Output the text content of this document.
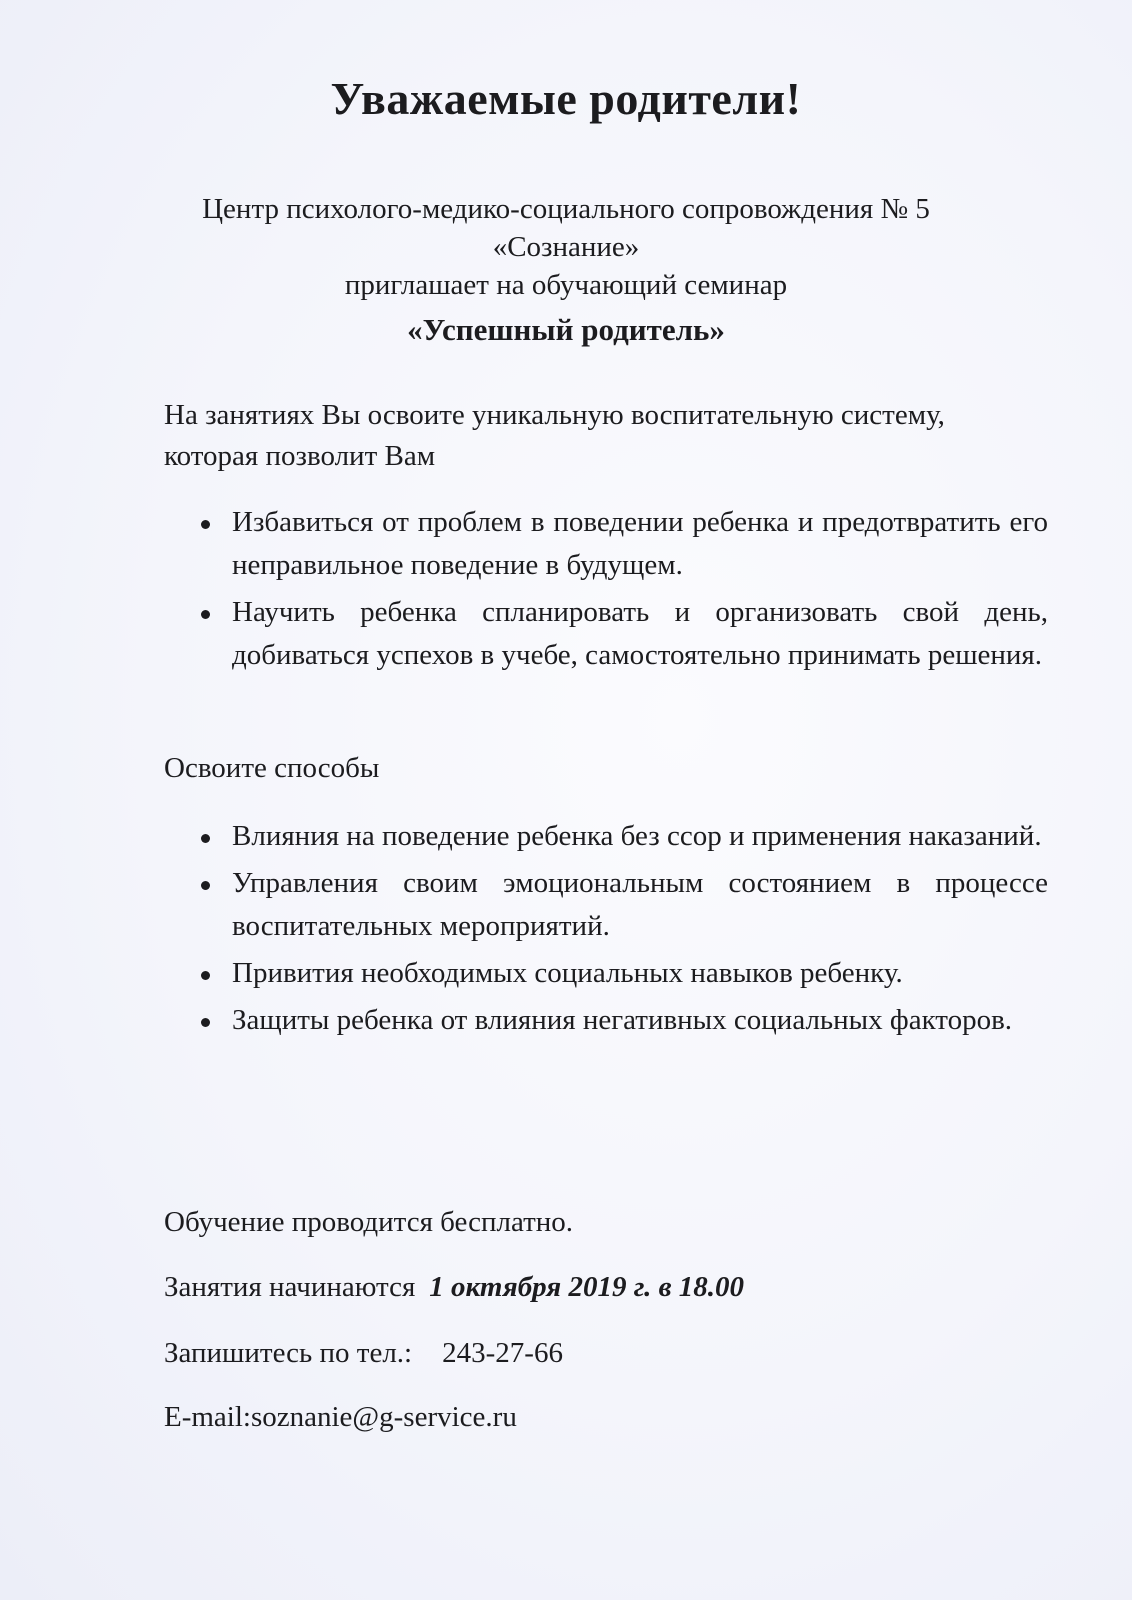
Уважаемые родители!
Центр психолого-медико-социального сопровождения № 5
«Сознание»
приглашает на обучающий семинар
«Успешный родитель»
На занятиях Вы освоите уникальную воспитательную систему, которая позволит Вам
Избавиться от проблем в поведении ребенка и предотвратить его неправильное поведение в будущем.
Научить ребенка спланировать и организовать свой день, добиваться успехов в учебе, самостоятельно принимать решения.
Освоите способы
Влияния на поведение ребенка без ссор и применения наказаний.
Управления своим эмоциональным состоянием в процессе воспитательных мероприятий.
Привития необходимых социальных навыков ребенку.
Защиты ребенка от влияния негативных социальных факторов.
Обучение проводится бесплатно.
Занятия начинаются 1 октября 2019 г. в 18.00
Запишитесь по тел.: 243-27-66
E-mail:soznanie@g-service.ru
